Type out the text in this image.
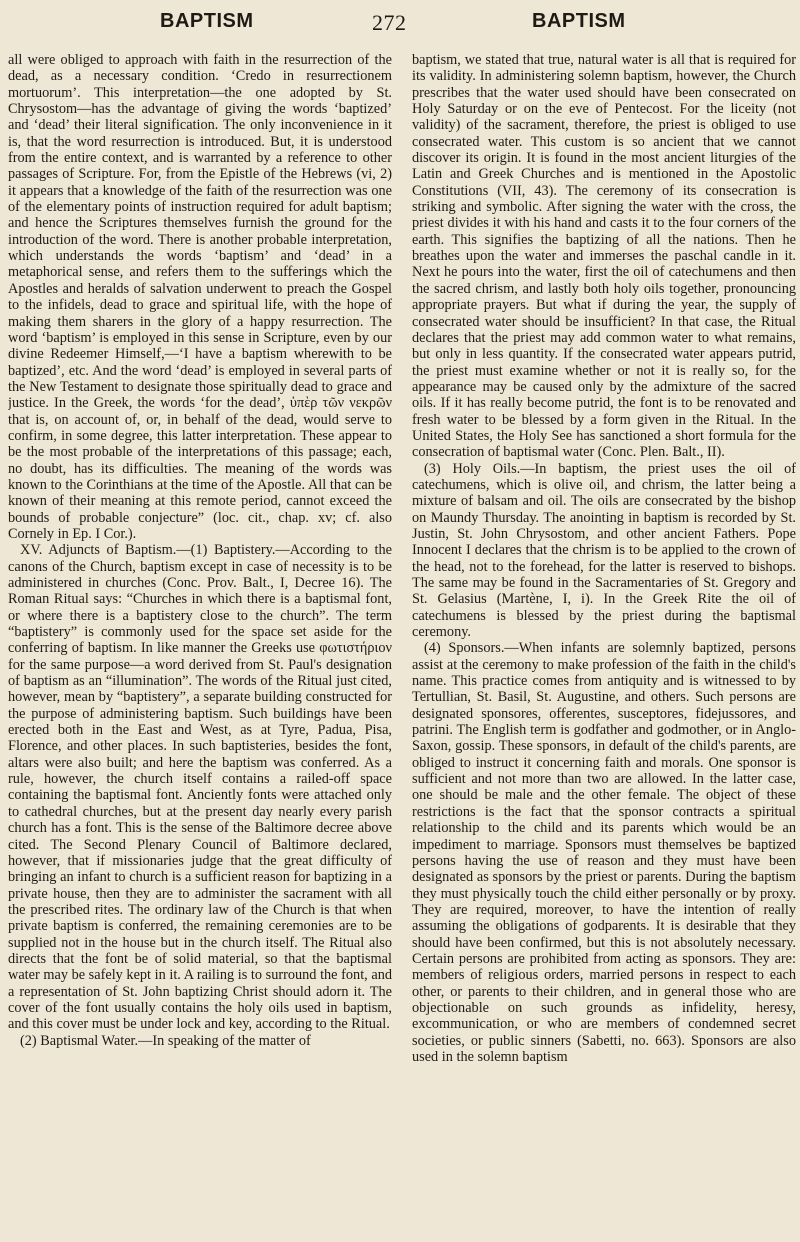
BAPTISM	272	BAPTISM

all were obliged to approach with faith in the resurrection of the dead, as a necessary condition. ‘Credo in resurrectionem mortuorum’. This interpretation—the one adopted by St. Chrysostom—has the advantage of giving the words ‘baptized’ and ‘dead’ their literal signification. The only inconvenience in it is, that the word resurrection is introduced. But, it is understood from the entire context, and is warranted by a reference to other passages of Scripture. For, from the Epistle of the Hebrews (vi, 2) it appears that a knowledge of the faith of the resurrection was one of the elementary points of instruction required for adult baptism; and hence the Scriptures themselves furnish the ground for the introduction of the word. There is another probable interpretation, which understands the words ‘baptism’ and ‘dead’ in a metaphorical sense, and refers them to the sufferings which the Apostles and heralds of salvation underwent to preach the Gospel to the infidels, dead to grace and spiritual life, with the hope of making them sharers in the glory of a happy resurrection. The word ‘baptism’ is employed in this sense in Scripture, even by our divine Redeemer Himself,—‘I have a baptism wherewith to be baptized’, etc. And the word ‘dead’ is employed in several parts of the New Testament to designate those spiritually dead to grace and justice. In the Greek, the words ‘for the dead’, ὑπὲρ τῶν νεκρῶν that is, on account of, or, in behalf of the dead, would serve to confirm, in some degree, this latter interpretation. These appear to be the most probable of the interpretations of this passage; each, no doubt, has its difficulties. The meaning of the words was known to the Corinthians at the time of the Apostle. All that can be known of their meaning at this remote period, cannot exceed the bounds of probable conjecture” (loc. cit., chap. xv; cf. also Cornely in Ep. I Cor.).

XV. Adjuncts of Baptism.—(1) Baptistery.—According to the canons of the Church, baptism except in case of necessity is to be administered in churches (Conc. Prov. Balt., I, Decree 16). The Roman Ritual says: “Churches in which there is a baptismal font, or where there is a baptistery close to the church”. The term “baptistery” is commonly used for the space set aside for the conferring of baptism. In like manner the Greeks use φωτιστήριον for the same purpose—a word derived from St. Paul's designation of baptism as an “illumination”. The words of the Ritual just cited, however, mean by “baptistery”, a separate building constructed for the purpose of administering baptism. Such buildings have been erected both in the East and West, as at Tyre, Padua, Pisa, Florence, and other places. In such baptisteries, besides the font, altars were also built; and here the baptism was conferred. As a rule, however, the church itself contains a railed-off space containing the baptismal font. Anciently fonts were attached only to cathedral churches, but at the present day nearly every parish church has a font. This is the sense of the Baltimore decree above cited. The Second Plenary Council of Baltimore declared, however, that if missionaries judge that the great difficulty of bringing an infant to church is a sufficient reason for baptizing in a private house, then they are to administer the sacrament with all the prescribed rites. The ordinary law of the Church is that when private baptism is conferred, the remaining ceremonies are to be supplied not in the house but in the church itself. The Ritual also directs that the font be of solid material, so that the baptismal water may be safely kept in it. A railing is to surround the font, and a representation of St. John baptizing Christ should adorn it. The cover of the font usually contains the holy oils used in baptism, and this cover must be under lock and key, according to the Ritual.

(2) Baptismal Water.—In speaking of the matter of

baptism, we stated that true, natural water is all that is required for its validity. In administering solemn baptism, however, the Church prescribes that the water used should have been consecrated on Holy Saturday or on the eve of Pentecost. For the liceity (not validity) of the sacrament, therefore, the priest is obliged to use consecrated water. This custom is so ancient that we cannot discover its origin. It is found in the most ancient liturgies of the Latin and Greek Churches and is mentioned in the Apostolic Constitutions (VII, 43). The ceremony of its consecration is striking and symbolic. After signing the water with the cross, the priest divides it with his hand and casts it to the four corners of the earth. This signifies the baptizing of all the nations. Then he breathes upon the water and immerses the paschal candle in it. Next he pours into the water, first the oil of catechumens and then the sacred chrism, and lastly both holy oils together, pronouncing appropriate prayers. But what if during the year, the supply of consecrated water should be insufficient? In that case, the Ritual declares that the priest may add common water to what remains, but only in less quantity. If the consecrated water appears putrid, the priest must examine whether or not it is really so, for the appearance may be caused only by the admixture of the sacred oils. If it has really become putrid, the font is to be renovated and fresh water to be blessed by a form given in the Ritual. In the United States, the Holy See has sanctioned a short formula for the consecration of baptismal water (Conc. Plen. Balt., II).

(3) Holy Oils.—In baptism, the priest uses the oil of catechumens, which is olive oil, and chrism, the latter being a mixture of balsam and oil. The oils are consecrated by the bishop on Maundy Thursday. The anointing in baptism is recorded by St. Justin, St. John Chrysostom, and other ancient Fathers. Pope Innocent I declares that the chrism is to be applied to the crown of the head, not to the forehead, for the latter is reserved to bishops. The same may be found in the Sacramentaries of St. Gregory and St. Gelasius (Martène, I, i). In the Greek Rite the oil of catechumens is blessed by the priest during the baptismal ceremony.

(4) Sponsors.—When infants are solemnly baptized, persons assist at the ceremony to make profession of the faith in the child's name. This practice comes from antiquity and is witnessed to by Tertullian, St. Basil, St. Augustine, and others. Such persons are designated sponsores, offerentes, susceptores, fidejussores, and patrini. The English term is godfather and godmother, or in Anglo-Saxon, gossip. These sponsors, in default of the child's parents, are obliged to instruct it concerning faith and morals. One sponsor is sufficient and not more than two are allowed. In the latter case, one should be male and the other female. The object of these restrictions is the fact that the sponsor contracts a spiritual relationship to the child and its parents which would be an impediment to marriage. Sponsors must themselves be baptized persons having the use of reason and they must have been designated as sponsors by the priest or parents. During the baptism they must physically touch the child either personally or by proxy. They are required, moreover, to have the intention of really assuming the obligations of godparents. It is desirable that they should have been confirmed, but this is not absolutely necessary. Certain persons are prohibited from acting as sponsors. They are: members of religious orders, married persons in respect to each other, or parents to their children, and in general those who are objectionable on such grounds as infidelity, heresy, excommunication, or who are members of condemned secret societies, or public sinners (Sabetti, no. 663). Sponsors are also used in the solemn baptism
